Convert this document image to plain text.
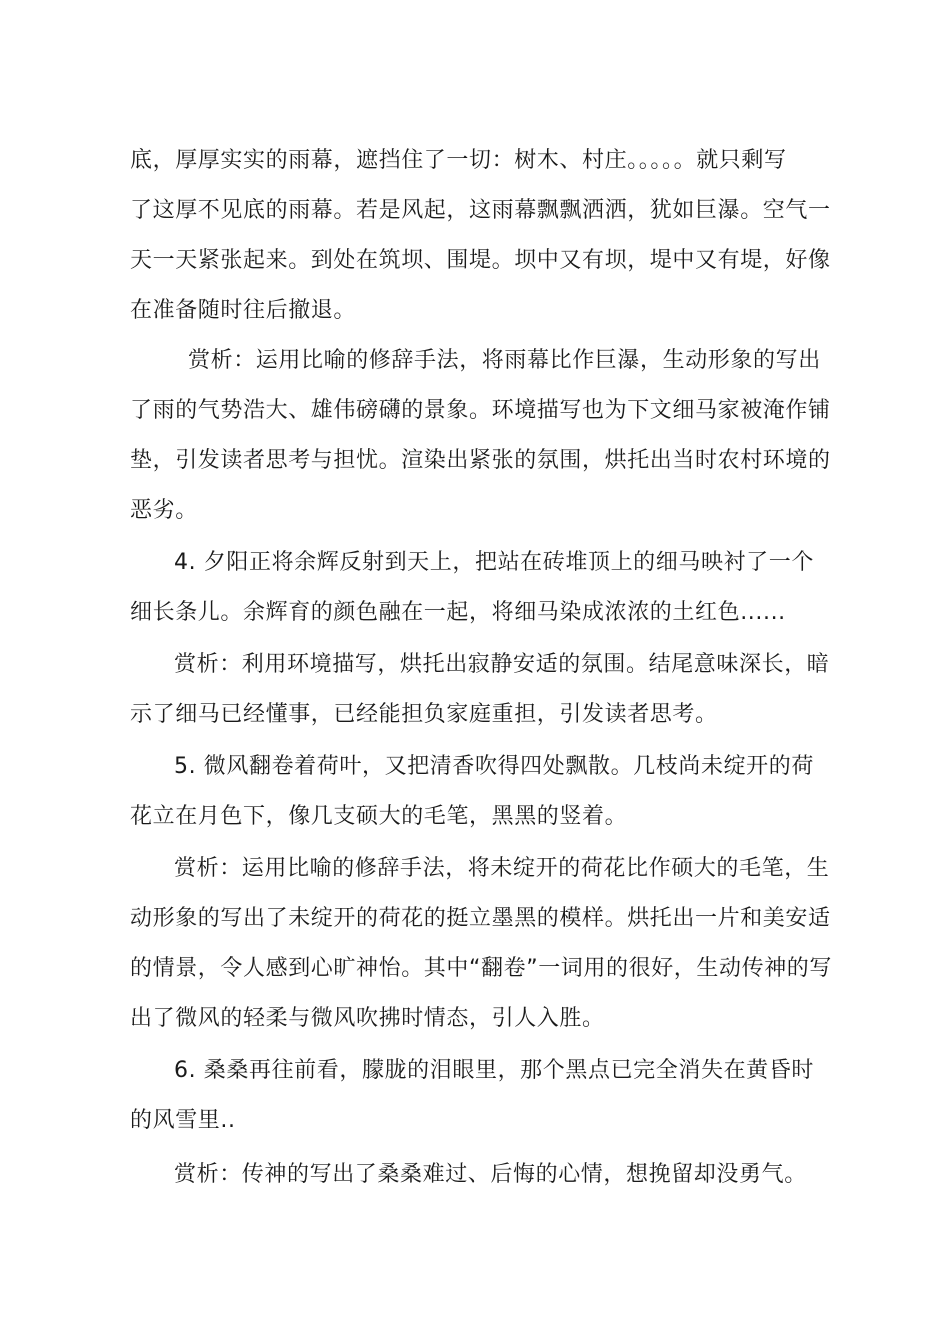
底，厚厚实实的雨幕，遮挡住了一切：树木、村庄。。。。。就只剩写
了这厚不见底的雨幕。若是风起，这雨幕飘飘洒洒，犹如巨瀑。空气一
天一天紧张起来。到处在筑坝、围堤。坝中又有坝，堤中又有堤，好像
在准备随时往后撤退。
赏析：运用比喻的修辞手法，将雨幕比作巨瀑，生动形象的写出
了雨的气势浩大、雄伟磅礴的景象。环境描写也为下文细马家被淹作铺
垫，引发读者思考与担忧。渲染出紧张的氛围，烘托出当时农村环境的
恶劣。
4. 夕阳正将余辉反射到天上，把站在砖堆顶上的细马映衬了一个
细长条儿。余辉育的颜色融在一起，将细马染成浓浓的土红色......
赏析：利用环境描写，烘托出寂静安适的氛围。结尾意味深长，暗
示了细马已经懂事，已经能担负家庭重担，引发读者思考。
5. 微风翻卷着荷叶，又把清香吹得四处飘散。几枝尚未绽开的荷
花立在月色下，像几支硕大的毛笔，黑黑的竖着。
赏析：运用比喻的修辞手法，将未绽开的荷花比作硕大的毛笔，生
动形象的写出了未绽开的荷花的挺立墨黑的模样。烘托出一片和美安适
的情景，令人感到心旷神怡。其中“翻卷”一词用的很好，生动传神的写
出了微风的轻柔与微风吹拂时情态，引人入胜。
6. 桑桑再往前看，朦胧的泪眼里，那个黑点已完全消失在黄昏时
的风雪里..
赏析：传神的写出了桑桑难过、后悔的心情，想挽留却没勇气。
